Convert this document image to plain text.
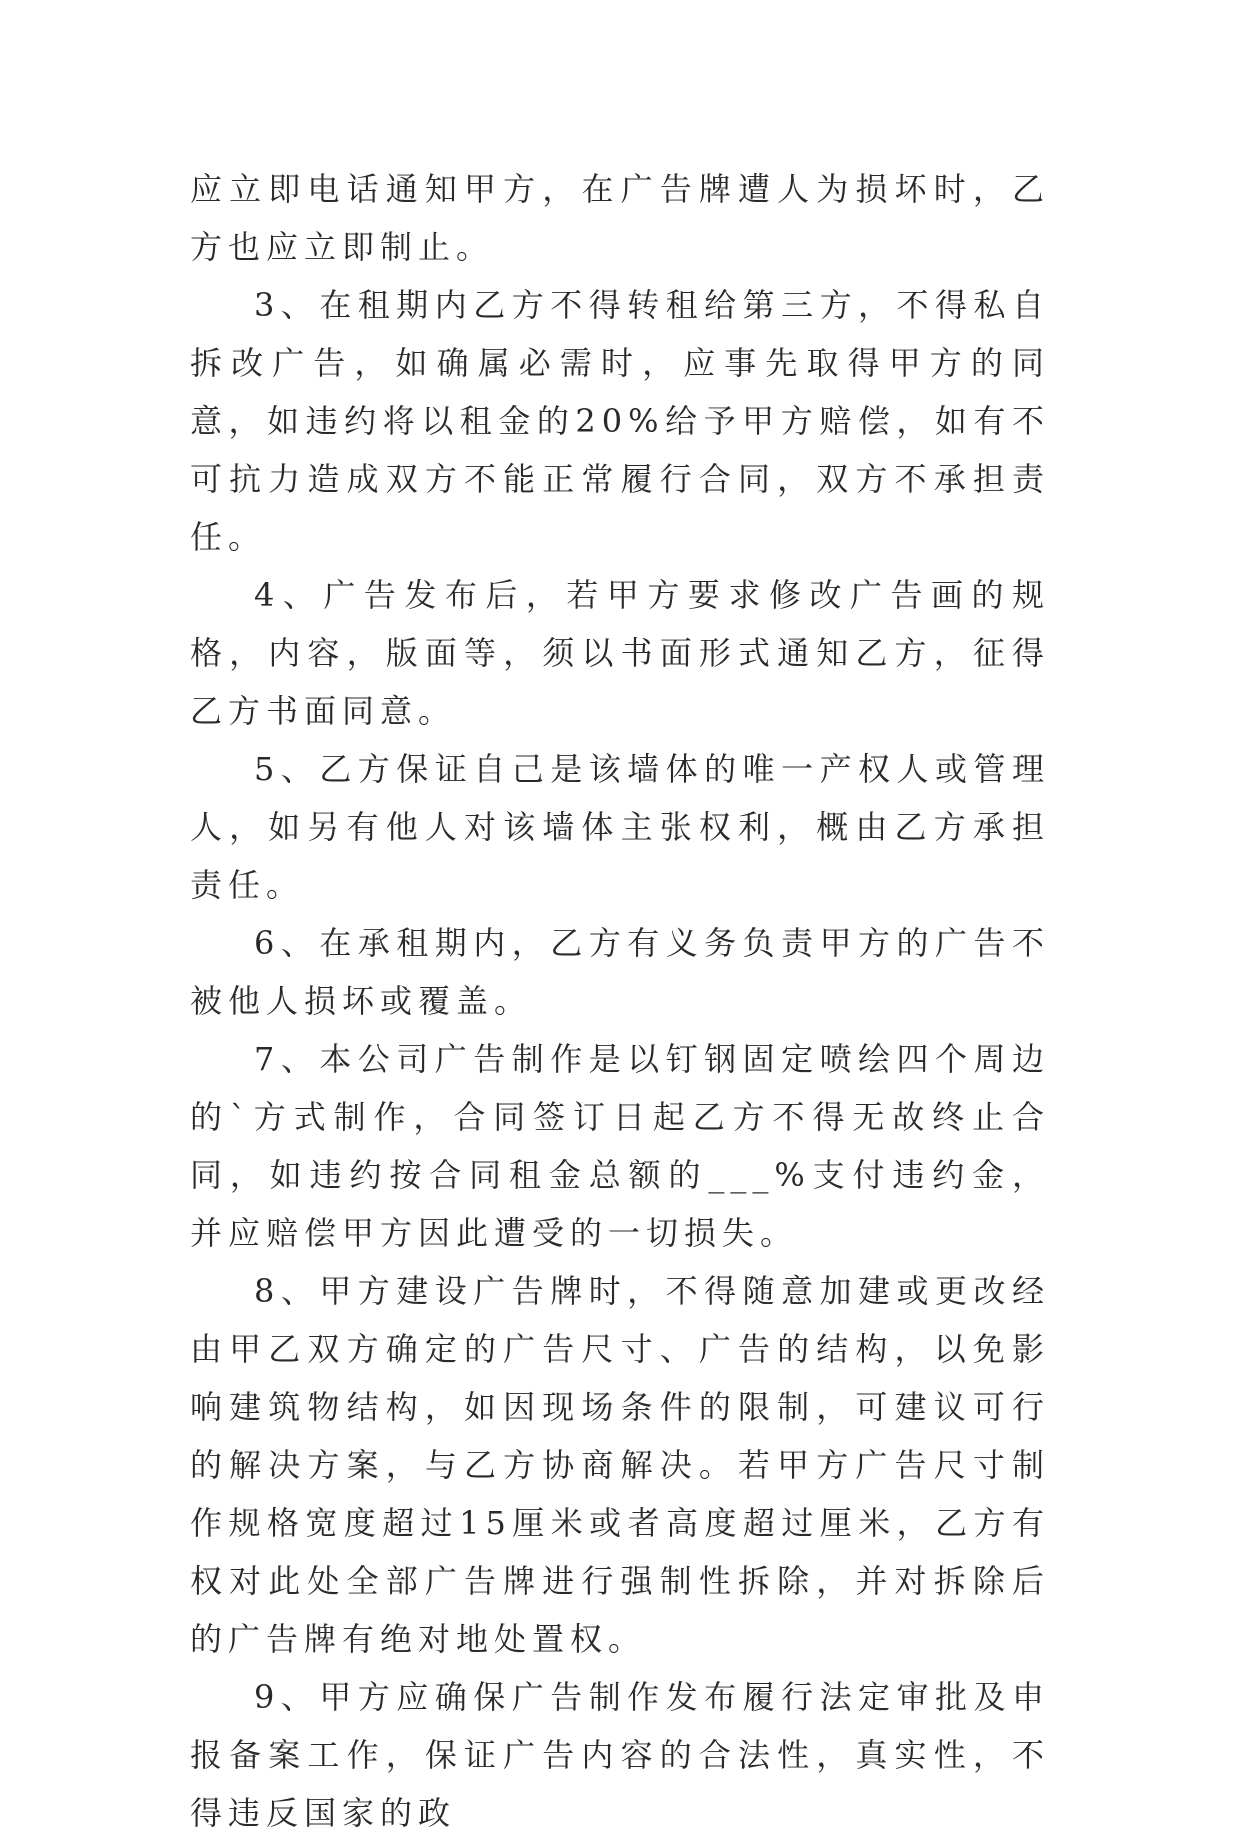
应立即电话通知甲方，在广告牌遭人为损坏时，乙方也应立即制止。

3、在租期内乙方不得转租给第三方，不得私自拆改广告，如确属必需时，应事先取得甲方的同意，如违约将以租金的20%给予甲方赔偿，如有不可抗力造成双方不能正常履行合同，双方不承担责任。

4、广告发布后，若甲方要求修改广告画的规格，内容，版面等，须以书面形式通知乙方，征得乙方书面同意。

5、乙方保证自己是该墙体的唯一产权人或管理人，如另有他人对该墙体主张权利，概由乙方承担责任。

6、在承租期内，乙方有义务负责甲方的广告不被他人损坏或覆盖。

7、本公司广告制作是以钉钢固定喷绘四个周边的`方式制作，合同签订日起乙方不得无故终止合同，如违约按合同租金总额的___%支付违约金，并应赔偿甲方因此遭受的一切损失。

8、甲方建设广告牌时，不得随意加建或更改经由甲乙双方确定的广告尺寸、广告的结构，以免影响建筑物结构，如因现场条件的限制，可建议可行的解决方案，与乙方协商解决。若甲方广告尺寸制作规格宽度超过15厘米或者高度超过厘米，乙方有权对此处全部广告牌进行强制性拆除，并对拆除后的广告牌有绝对地处置权。

9、甲方应确保广告制作发布履行法定审批及申报备案工作，保证广告内容的合法性，真实性，不得违反国家的政
